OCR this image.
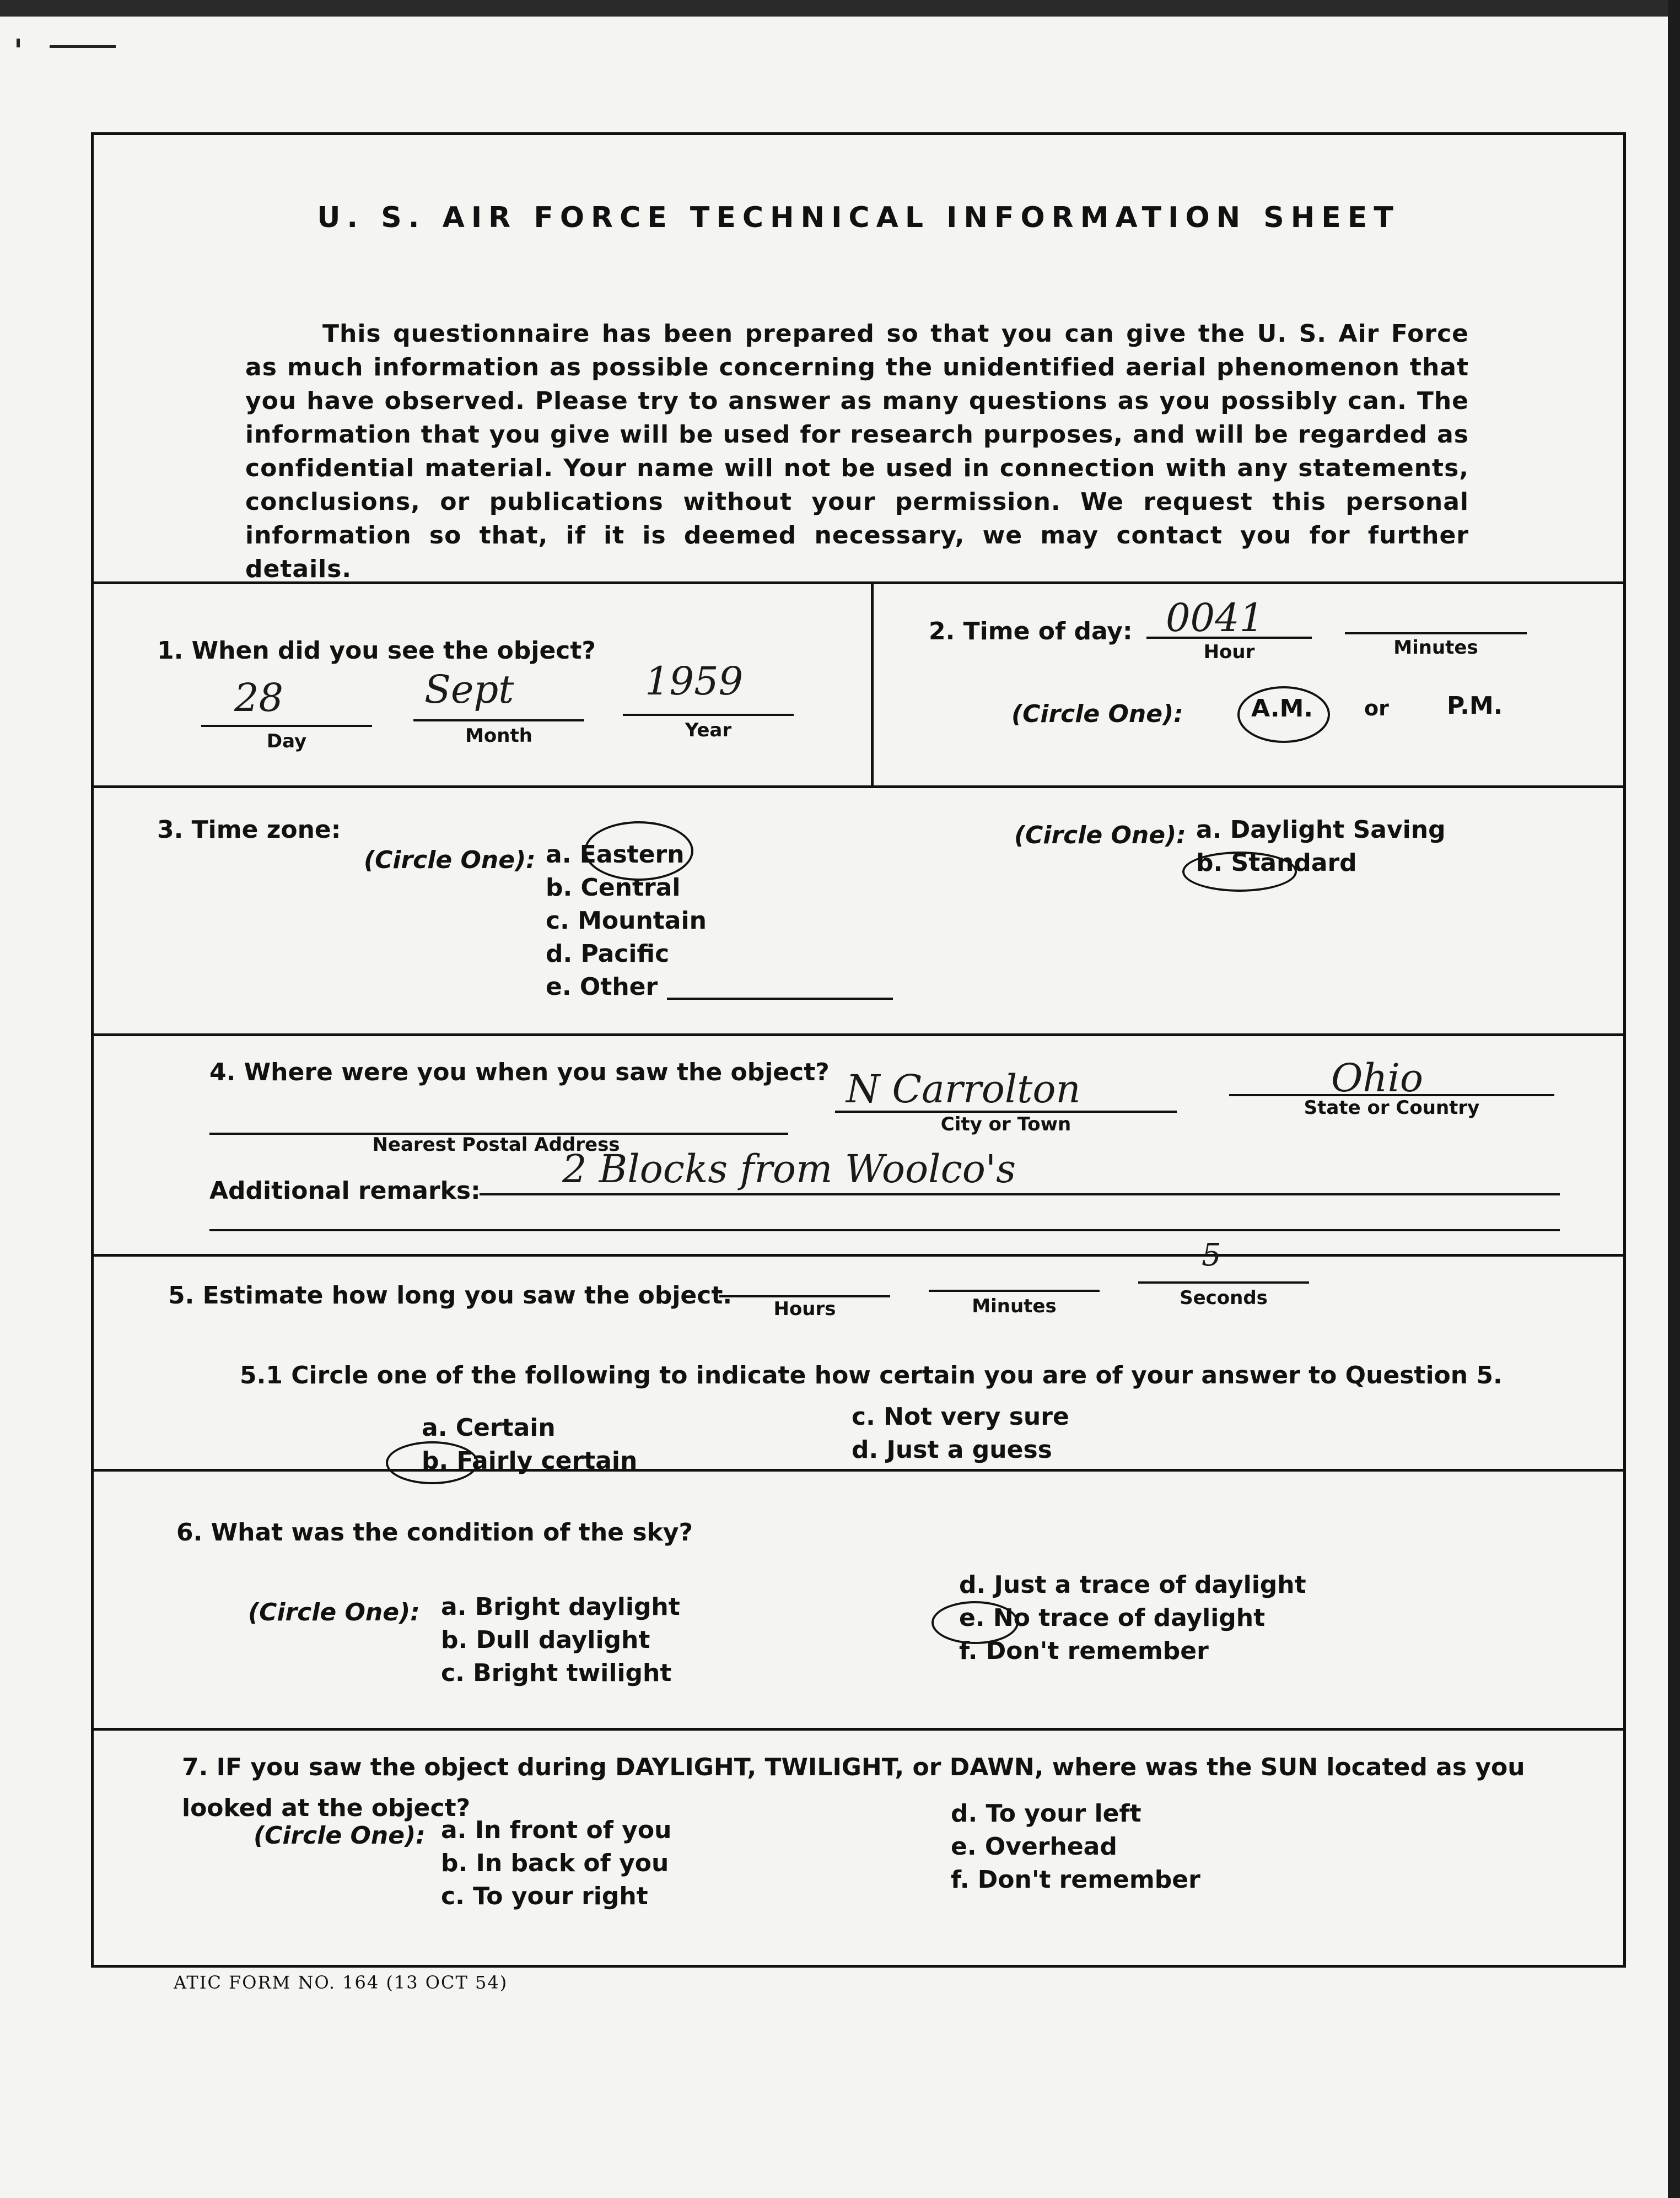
U. S. AIR FORCE TECHNICAL INFORMATION SHEET
This questionnaire has been prepared so that you can give the U. S. Air Force as much information as possible concerning the unidentified aerial phenomenon that you have observed. Please try to answer as many questions as you possibly can. The information that you give will be used for research purposes, and will be regarded as confidential material. Your name will not be used in connection with any statements, conclusions, or publications without your permission. We request this personal information so that, if it is deemed necessary, we may contact you for further details.
1. When did you see the object?
28
Day
Sept
Month
1959
Year
2. Time of day: 0041
Hour	Minutes
(Circle One):	A.M. or P.M.
3. Time zone:
(Circle One): a. Eastern
b. Central
c. Mountain
d. Pacific
e. Other
(Circle One): a. Daylight Saving
b. Standard
4. Where were you when you saw the object?
Nearest Postal Address
N Carrolton
City or Town
Ohio
State or Country
Additional remarks: 2 Blocks from Woolco's
5. Estimate how long you saw the object.	Hours	Minutes
5
Seconds
5.1 Circle one of the following to indicate how certain you are of your answer to Question 5.
a. Certain
b. Fairly certain
c. Not very sure
d. Just a guess
6. What was the condition of the sky?
(Circle One): a. Bright daylight
b. Dull daylight
c. Bright twilight
d. Just a trace of daylight
e. No trace of daylight
f. Don't remember
7. IF you saw the object during DAYLIGHT, TWILIGHT, or DAWN, where was the SUN located as you looked at the object?
(Circle One): a. In front of you
b. In back of you
c. To your right
d. To your left
e. Overhead
f. Don't remember
ATIC FORM NO. 164 (13 OCT 54)
